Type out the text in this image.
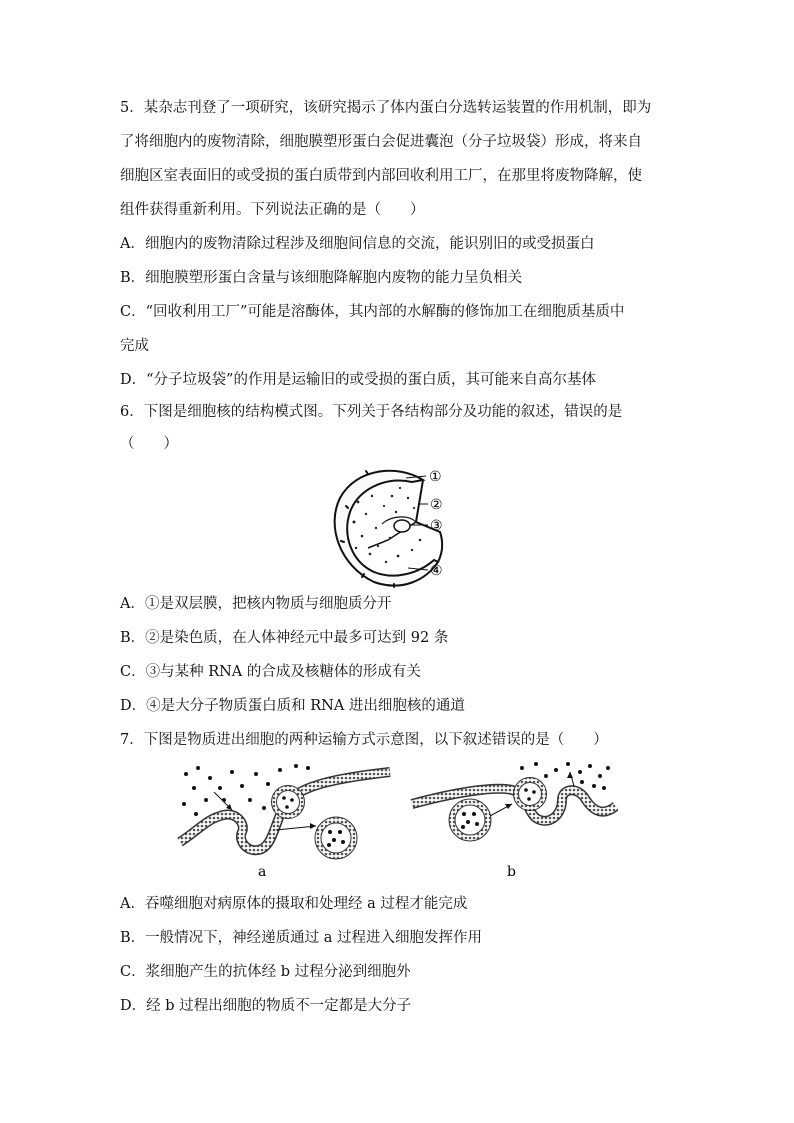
5．某杂志刊登了一项研究，该研究揭示了体内蛋白分选转运装置的作用机制，即为
了将细胞内的废物清除，细胞膜塑形蛋白会促进囊泡（分子垃圾袋）形成，将来自
细胞区室表面旧的或受损的蛋白质带到内部回收利用工厂，在那里将废物降解，使
组件获得重新利用。下列说法正确的是（　　）
A．细胞内的废物清除过程涉及细胞间信息的交流，能识别旧的或受损蛋白
B．细胞膜塑形蛋白含量与该细胞降解胞内废物的能力呈负相关
C．“回收利用工厂”可能是溶酶体，其内部的水解酶的修饰加工在细胞质基质中
完成
D．“分子垃圾袋”的作用是运输旧的或受损的蛋白质，其可能来自高尔基体
6．下图是细胞核的结构模式图。下列关于各结构部分及功能的叙述，错误的是
（　　）
①
②
③
④
A．①是双层膜，把核内物质与细胞质分开
B．②是染色质，在人体神经元中最多可达到 92 条
C．③与某种 RNA 的合成及核糖体的形成有关
D．④是大分子物质蛋白质和 RNA 进出细胞核的通道
7．下图是物质进出细胞的两种运输方式示意图，以下叙述错误的是（　　）
a	b
A．吞噬细胞对病原体的摄取和处理经 a 过程才能完成
B．一般情况下，神经递质通过 a 过程进入细胞发挥作用
C．浆细胞产生的抗体经 b 过程分泌到细胞外
D．经 b 过程出细胞的物质不一定都是大分子
